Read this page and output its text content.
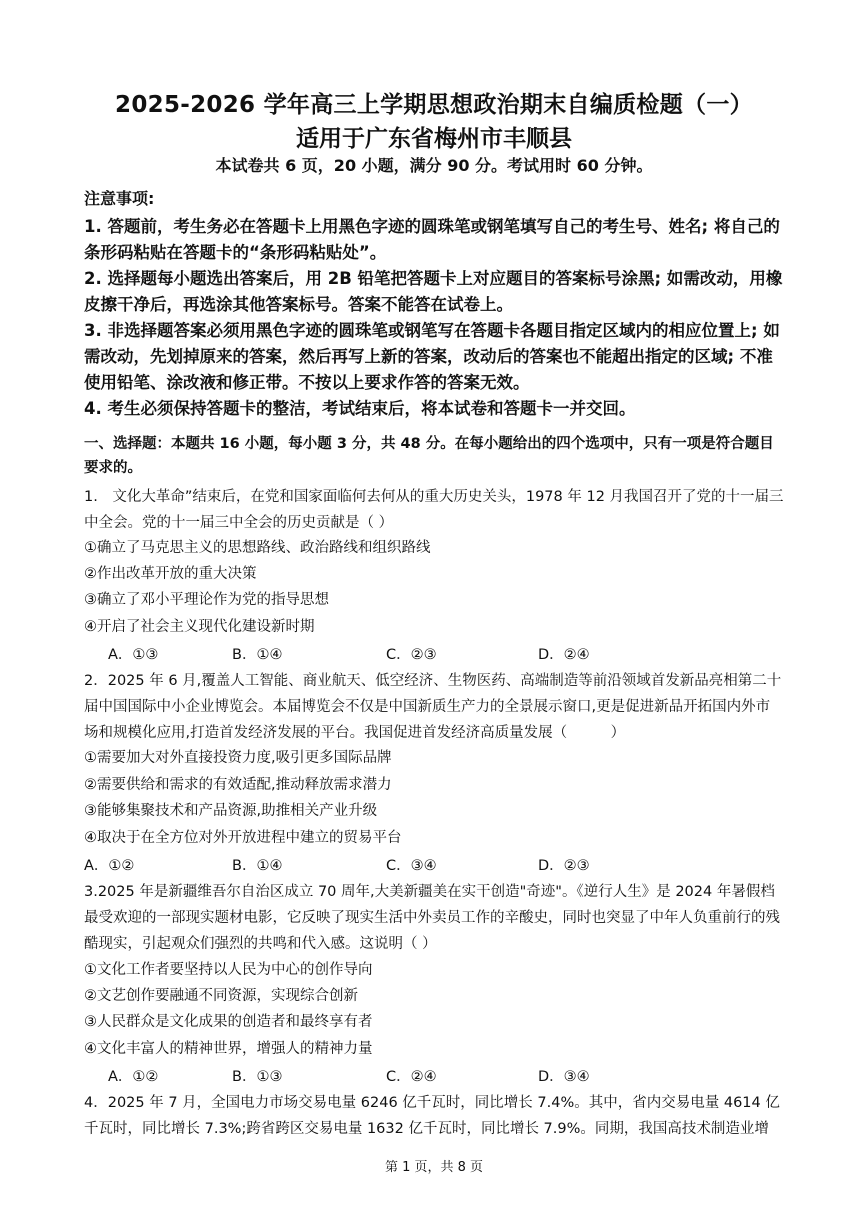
2025-2026 学年高三上学期思想政治期末自编质检题（一）
适用于广东省梅州市丰顺县
本试卷共 6 页，20 小题，满分 90 分。考试用时 60 分钟。
注意事项:
1. 答题前，考生务必在答题卡上用黑色字迹的圆珠笔或钢笔填写自己的考生号、姓名; 将自己的条形码粘贴在答题卡的“条形码粘贴处”。
2. 选择题每小题选出答案后，用 2B 铅笔把答题卡上对应题目的答案标号涂黑; 如需改动，用橡皮擦干净后，再选涂其他答案标号。答案不能答在试卷上。
3. 非选择题答案必须用黑色字迹的圆珠笔或钢笔写在答题卡各题目指定区域内的相应位置上; 如需改动，先划掉原来的答案，然后再写上新的答案，改动后的答案也不能超出指定的区域; 不准使用铅笔、涂改液和修正带。不按以上要求作答的答案无效。
4. 考生必须保持答题卡的整洁，考试结束后，将本试卷和答题卡一并交回。
一、选择题：本题共 16 小题，每小题 3 分，共 48 分。在每小题给出的四个选项中，只有一项是符合题目要求的。
1.　文化大革命”结束后，在党和国家面临何去何从的重大历史关头，1978 年 12 月我国召开了党的十一届三中全会。党的十一届三中全会的历史贡献是（ ）
①确立了马克思主义的思想路线、政治路线和组织路线
②作出改革开放的重大决策
③确立了邓小平理论作为党的指导思想
④开启了社会主义现代化建设新时期
A．①③	B．①④	C．②③	D．②④
2．2025 年 6 月,覆盖人工智能、商业航天、低空经济、生物医药、高端制造等前沿领域首发新品亮相第二十届中国国际中小企业博览会。本届博览会不仅是中国新质生产力的全景展示窗口,更是促进新品开拓国内外市场和规模化应用,打造首发经济发展的平台。我国促进首发经济高质量发展（　　　）
①需要加大对外直接投资力度,吸引更多国际品牌
②需要供给和需求的有效适配,推动释放需求潜力
③能够集聚技术和产品资源,助推相关产业升级
④取决于在全方位对外开放进程中建立的贸易平台
A．①②	B．①④	C．③④	D．②③
3.2025 年是新疆维吾尔自治区成立 70 周年,大美新疆美在实干创造"奇迹"。《逆行人生》是 2024 年暑假档最受欢迎的一部现实题材电影，它反映了现实生活中外卖员工作的辛酸史，同时也突显了中年人负重前行的残酷现实，引起观众们强烈的共鸣和代入感。这说明（ ）
①文化工作者要坚持以人民为中心的创作导向
②文艺创作要融通不同资源，实现综合创新
③人民群众是文化成果的创造者和最终享有者
④文化丰富人的精神世界，增强人的精神力量
A．①②	B．①③	C．②④	D．③④
4．2025 年 7 月，全国电力市场交易电量 6246 亿千瓦时，同比增长 7.4%。其中，省内交易电量 4614 亿千瓦时，同比增长 7.3%;跨省跨区交易电量 1632 亿千瓦时，同比增长 7.9%。同期，我国高技术制造业增
第 1 页，共 8 页
